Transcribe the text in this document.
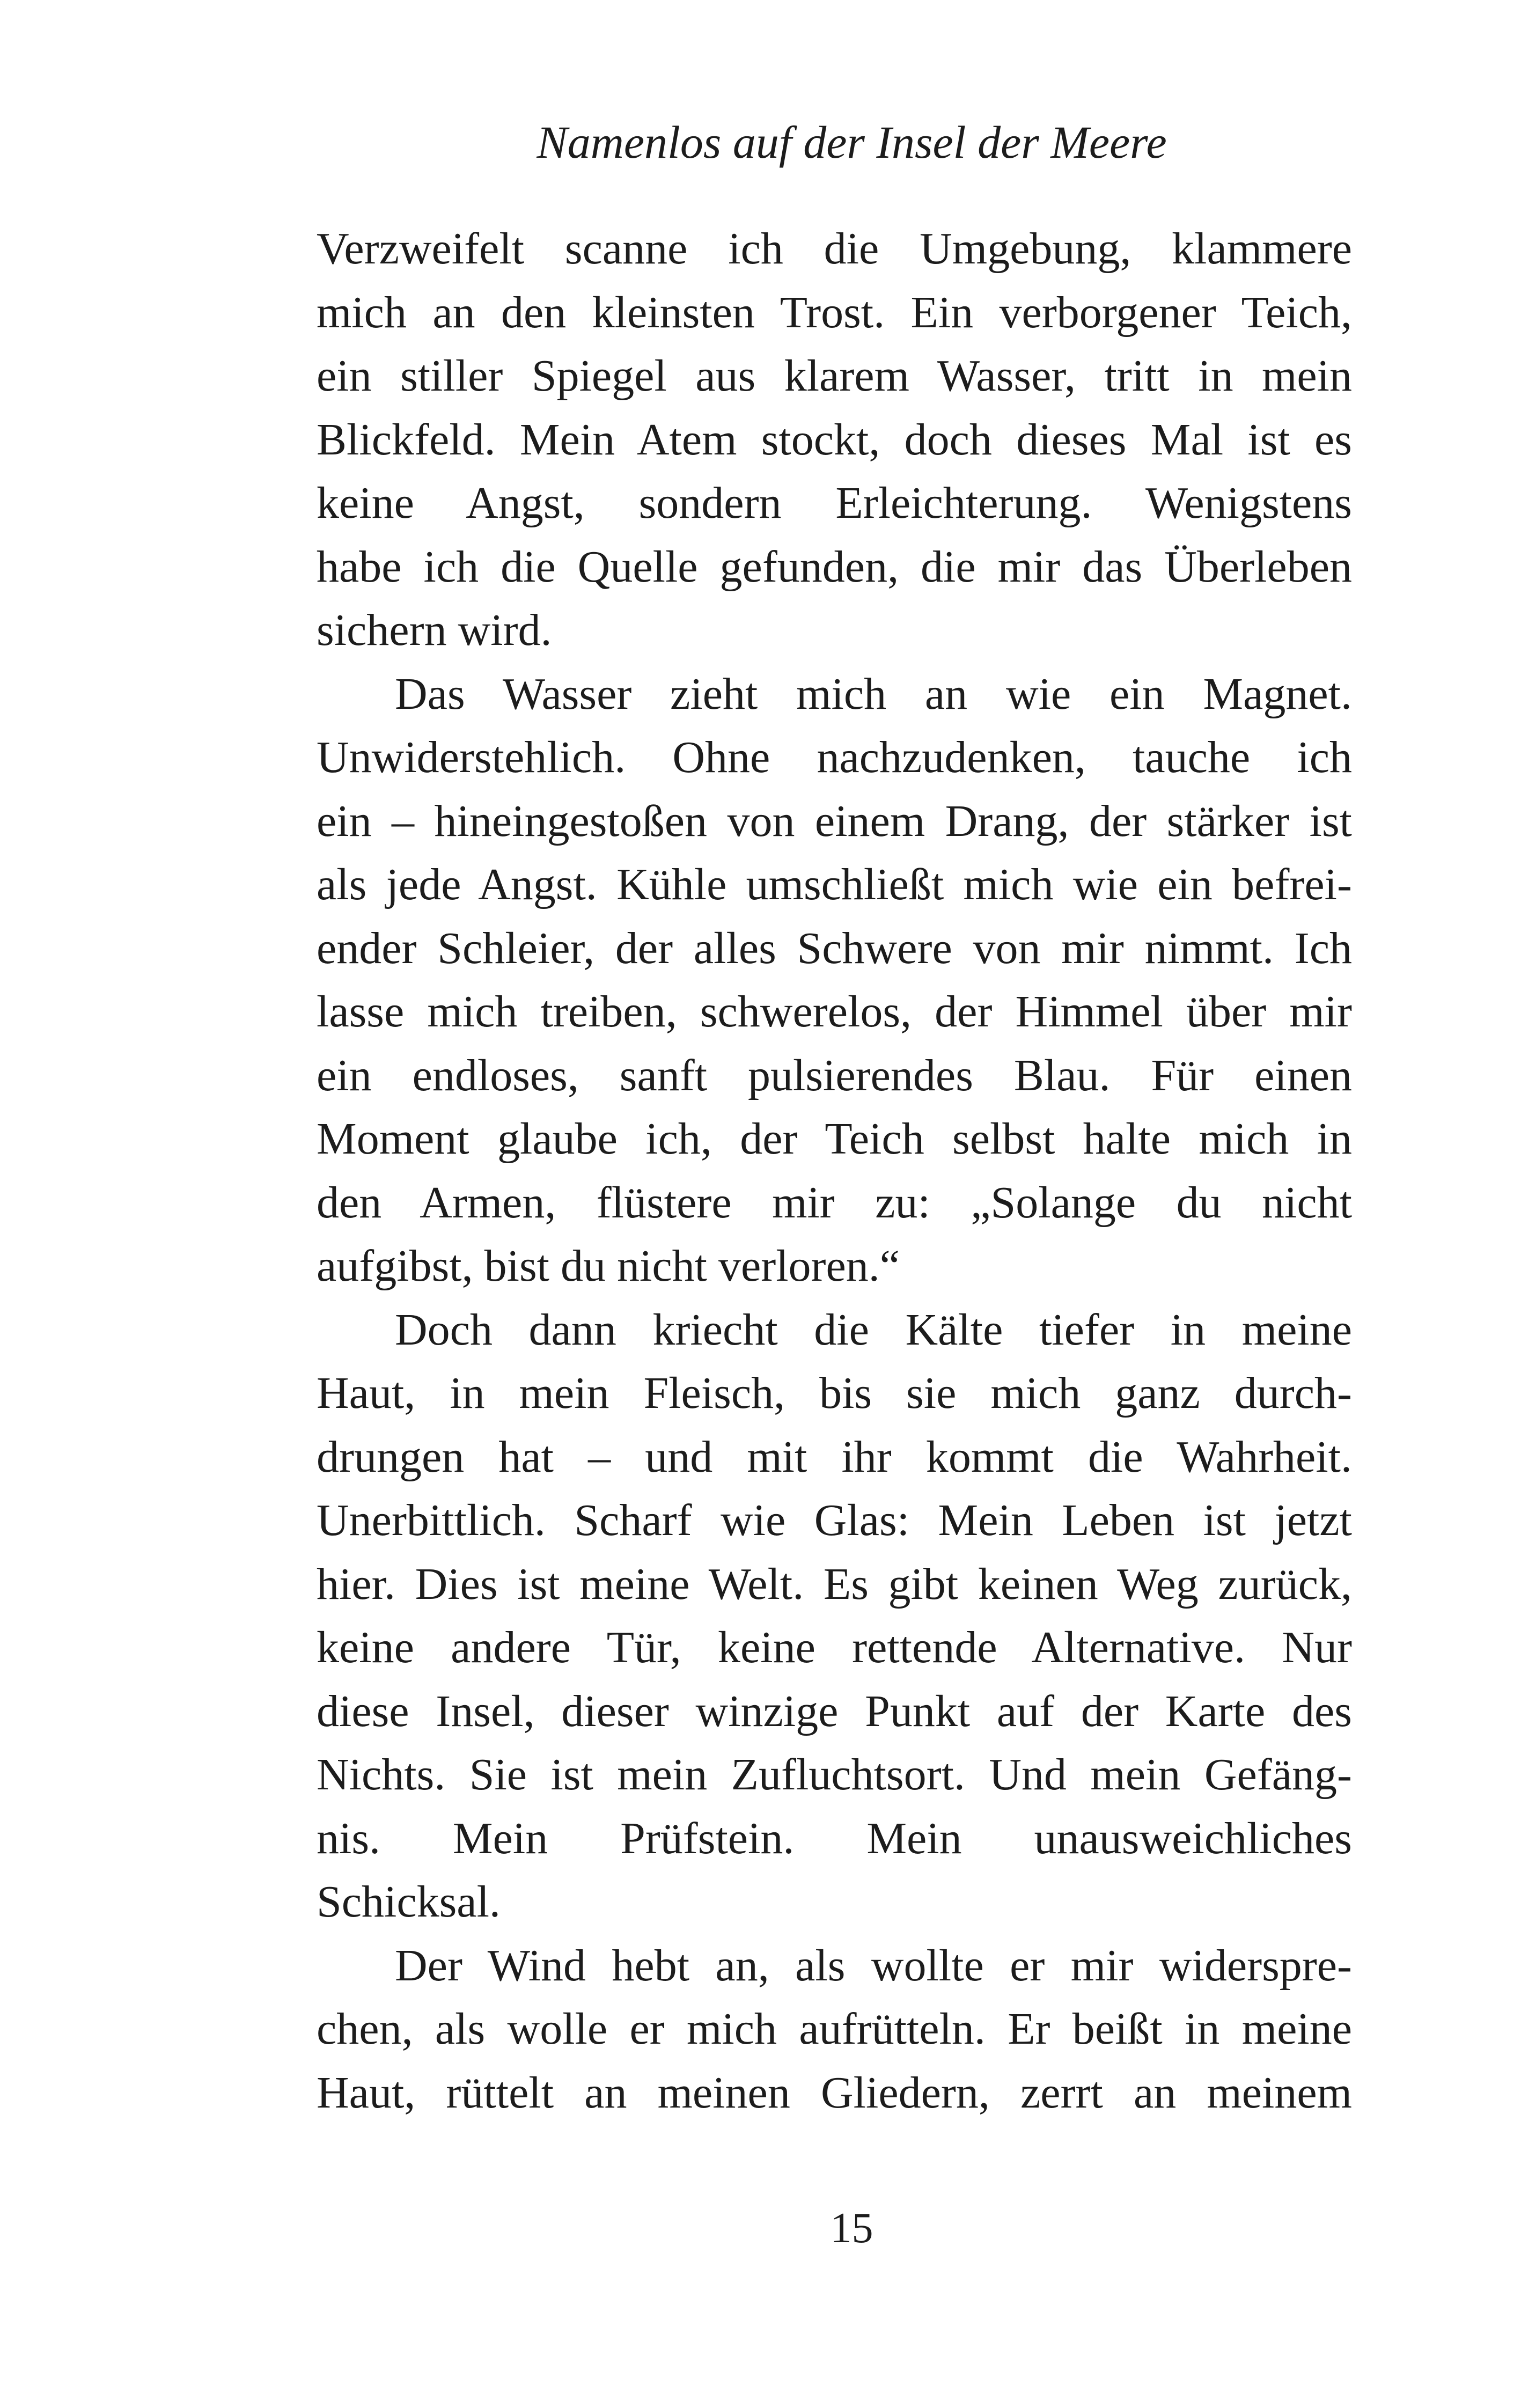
Namenlos auf der Insel der Meere
Verzweifelt scanne ich die Umgebung, klammere
mich an den kleinsten Trost. Ein verborgener Teich,
ein stiller Spiegel aus klarem Wasser, tritt in mein
Blickfeld. Mein Atem stockt, doch dieses Mal ist es
keine Angst, sondern Erleichterung. Wenigstens
habe ich die Quelle gefunden, die mir das Überleben
sichern wird.
Das Wasser zieht mich an wie ein Magnet.
Unwiderstehlich. Ohne nachzudenken, tauche ich
ein – hineingestoßen von einem Drang, der stärker ist
als jede Angst. Kühle umschließt mich wie ein befrei-
ender Schleier, der alles Schwere von mir nimmt. Ich
lasse mich treiben, schwerelos, der Himmel über mir
ein endloses, sanft pulsierendes Blau. Für einen
Moment glaube ich, der Teich selbst halte mich in
den Armen, flüstere mir zu: „Solange du nicht
aufgibst, bist du nicht verloren.“
Doch dann kriecht die Kälte tiefer in meine
Haut, in mein Fleisch, bis sie mich ganz durch-
drungen hat – und mit ihr kommt die Wahrheit.
Unerbittlich. Scharf wie Glas: Mein Leben ist jetzt
hier. Dies ist meine Welt. Es gibt keinen Weg zurück,
keine andere Tür, keine rettende Alternative. Nur
diese Insel, dieser winzige Punkt auf der Karte des
Nichts. Sie ist mein Zufluchtsort. Und mein Gefäng-
nis. Mein Prüfstein. Mein unausweichliches
Schicksal.
Der Wind hebt an, als wollte er mir widerspre-
chen, als wolle er mich aufrütteln. Er beißt in meine
Haut, rüttelt an meinen Gliedern, zerrt an meinem
15
